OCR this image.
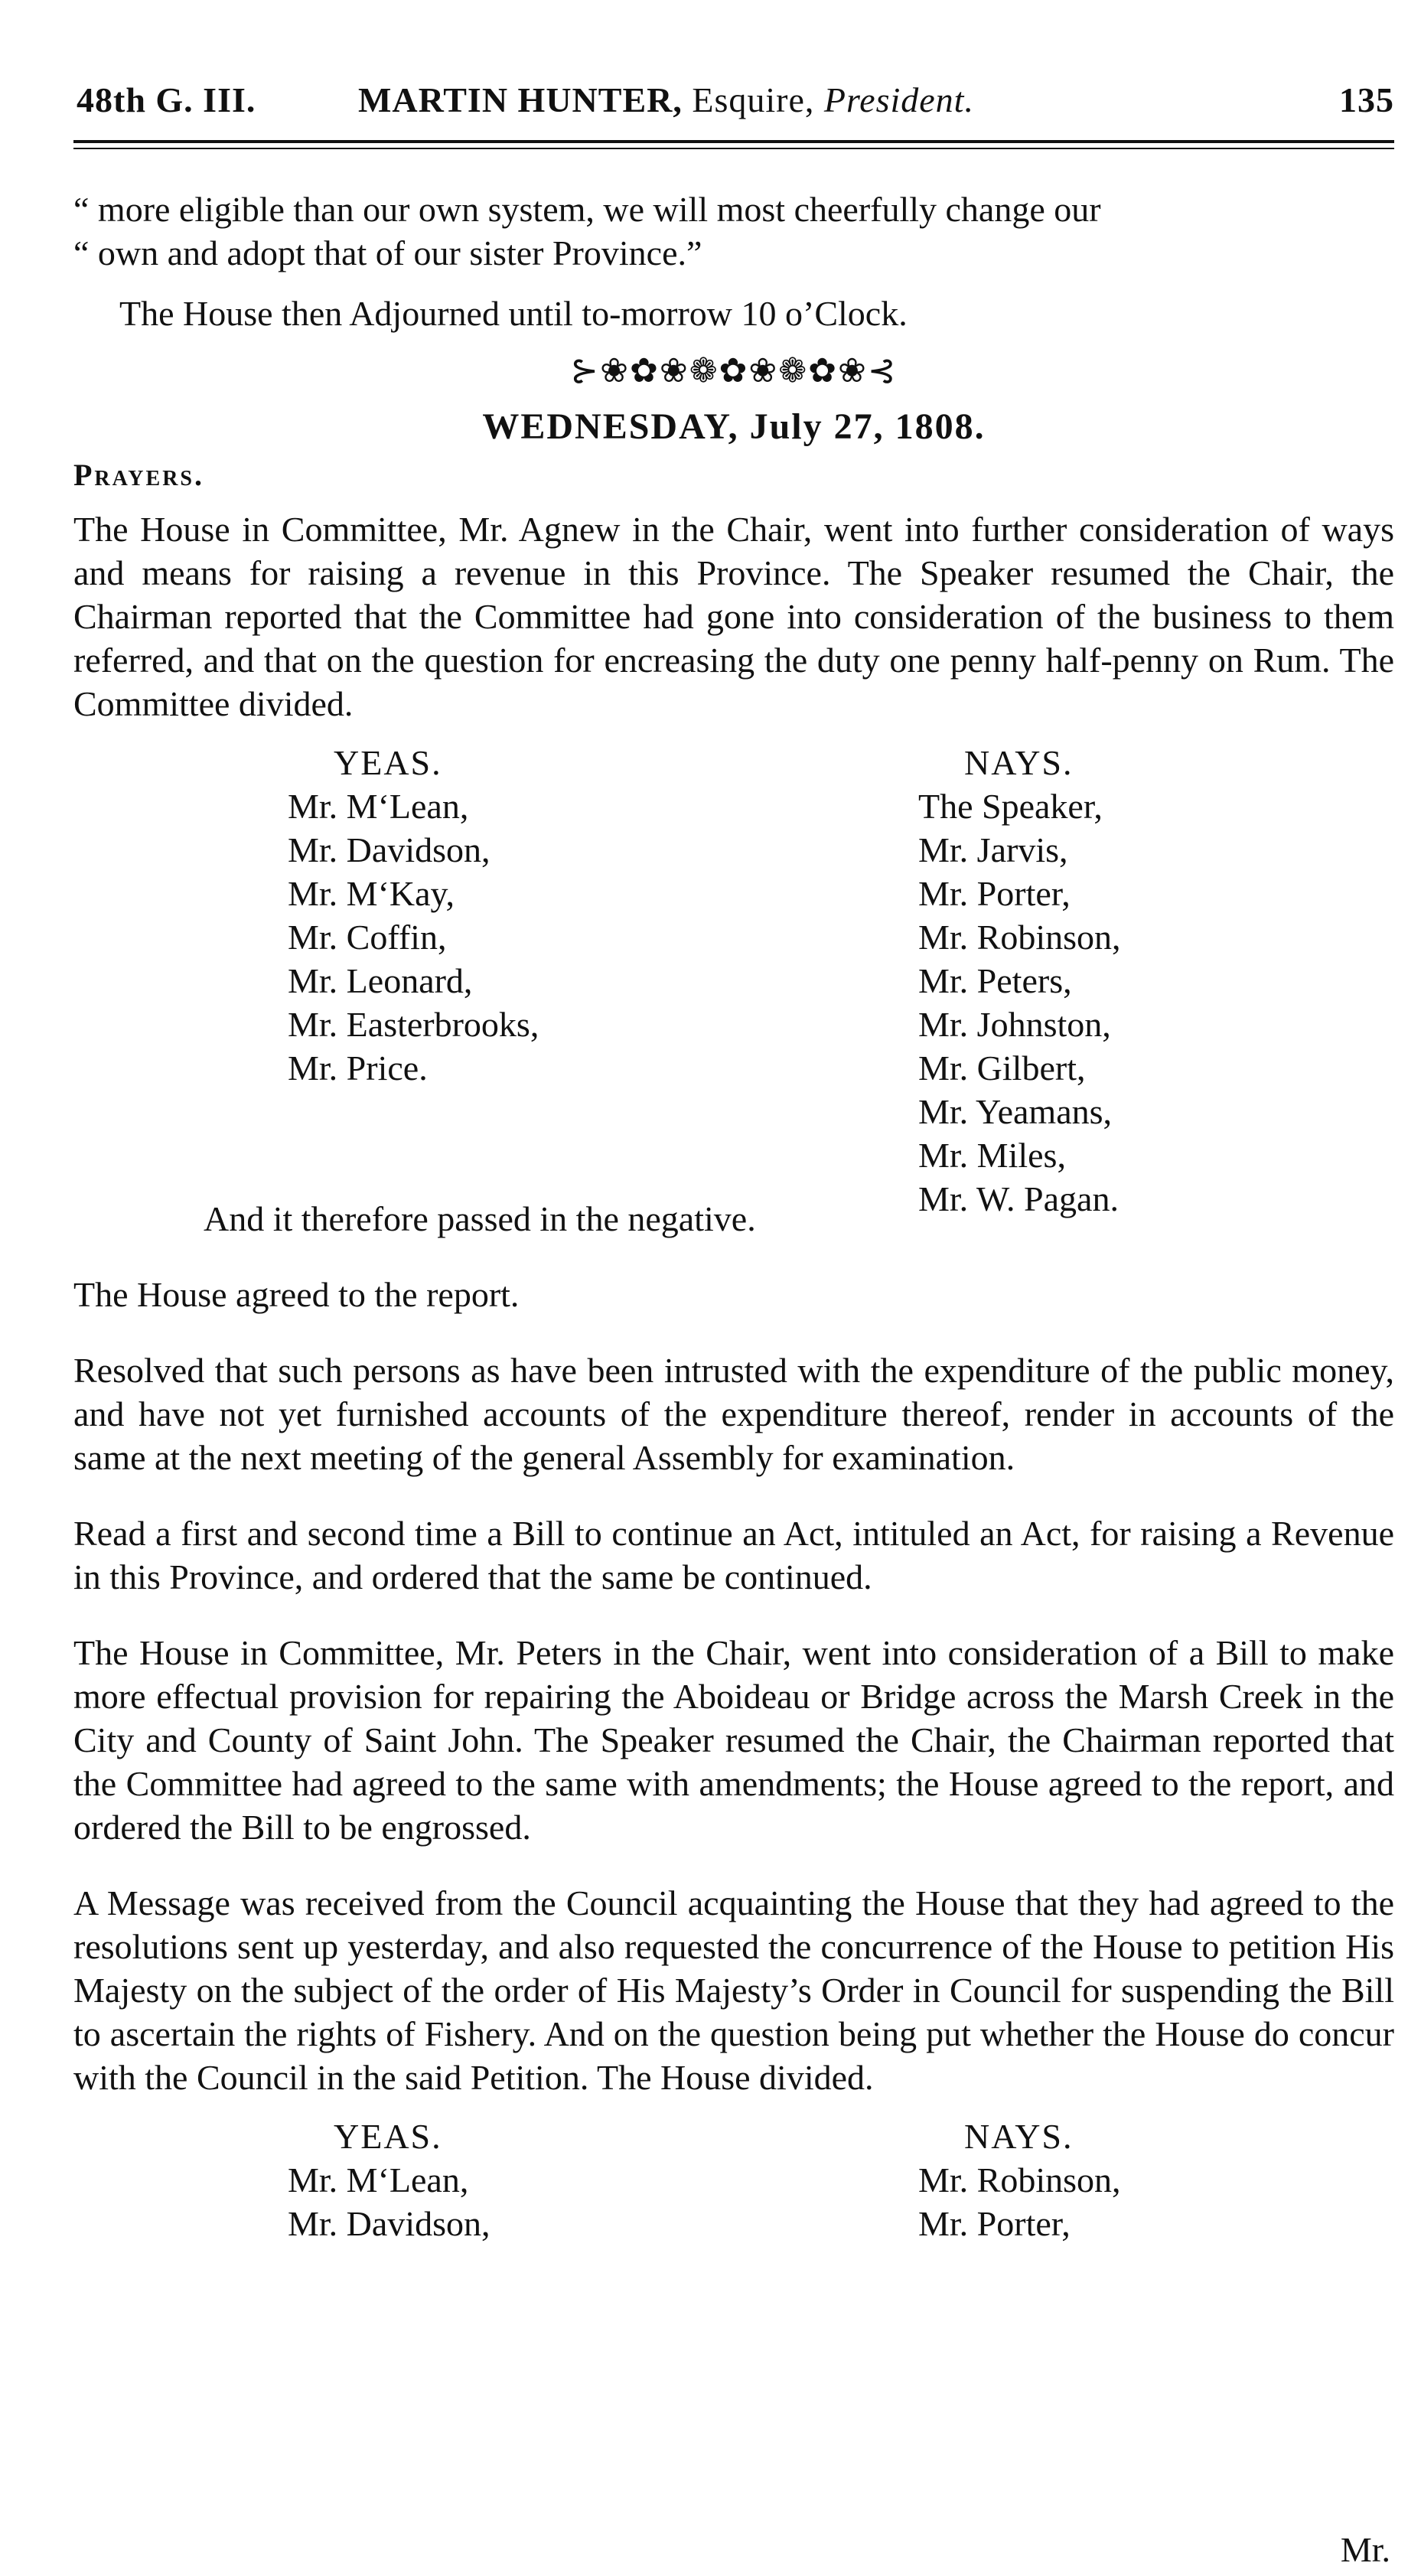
48th G. III.	MARTIN HUNTER, Esquire, President.	135

“ more eligible than our own system, we will most cheerfully change our

“ own and adopt that of our sister Province.”

The House then Adjourned until to-morrow 10 o’Clock.

⊱❀✿❀❁✿❀❁✿❀⊰
WEDNESDAY, July 27, 1808.
Prayers.

The House in Committee, Mr. Agnew in the Chair, went into further consideration of ways and means for raising a revenue in this Province. The Speaker resumed the Chair, the Chairman reported that the Committee had gone into consideration of the business to them referred, and that on the question for encreasing the duty one penny half-penny on Rum. The Committee divided.

YEAS.
Mr. M‘Lean,
Mr. Davidson,
Mr. M‘Kay,
Mr. Coffin,
Mr. Leonard,
Mr. Easterbrooks,
Mr. Price.
NAYS.
The Speaker,
Mr. Jarvis,
Mr. Porter,
Mr. Robinson,
Mr. Peters,
Mr. Johnston,
Mr. Gilbert,
Mr. Yeamans,
Mr. Miles,
Mr. W. Pagan.

And it therefore passed in the negative.

The House agreed to the report.

Resolved that such persons as have been intrusted with the expenditure of the public money, and have not yet furnished accounts of the expenditure thereof, render in accounts of the same at the next meeting of the general Assembly for examination.

Read a first and second time a Bill to continue an Act, intituled an Act, for raising a Revenue in this Province, and ordered that the same be continued.

The House in Committee, Mr. Peters in the Chair, went into consideration of a Bill to make more effectual provision for repairing the Aboideau or Bridge across the Marsh Creek in the City and County of Saint John. The Speaker resumed the Chair, the Chairman reported that the Committee had agreed to the same with amendments; the House agreed to the report, and ordered the Bill to be engrossed.

A Message was received from the Council acquainting the House that they had agreed to the resolutions sent up yesterday, and also requested the concurrence of the House to petition His Majesty on the subject of the order of His Majesty’s Order in Council for suspending the Bill to ascertain the rights of Fishery. And on the question being put whether the House do concur with the Council in the said Petition. The House divided.

YEAS.
Mr. M‘Lean,
Mr. Davidson,
NAYS.
Mr. Robinson,
Mr. Porter,
Mr.
